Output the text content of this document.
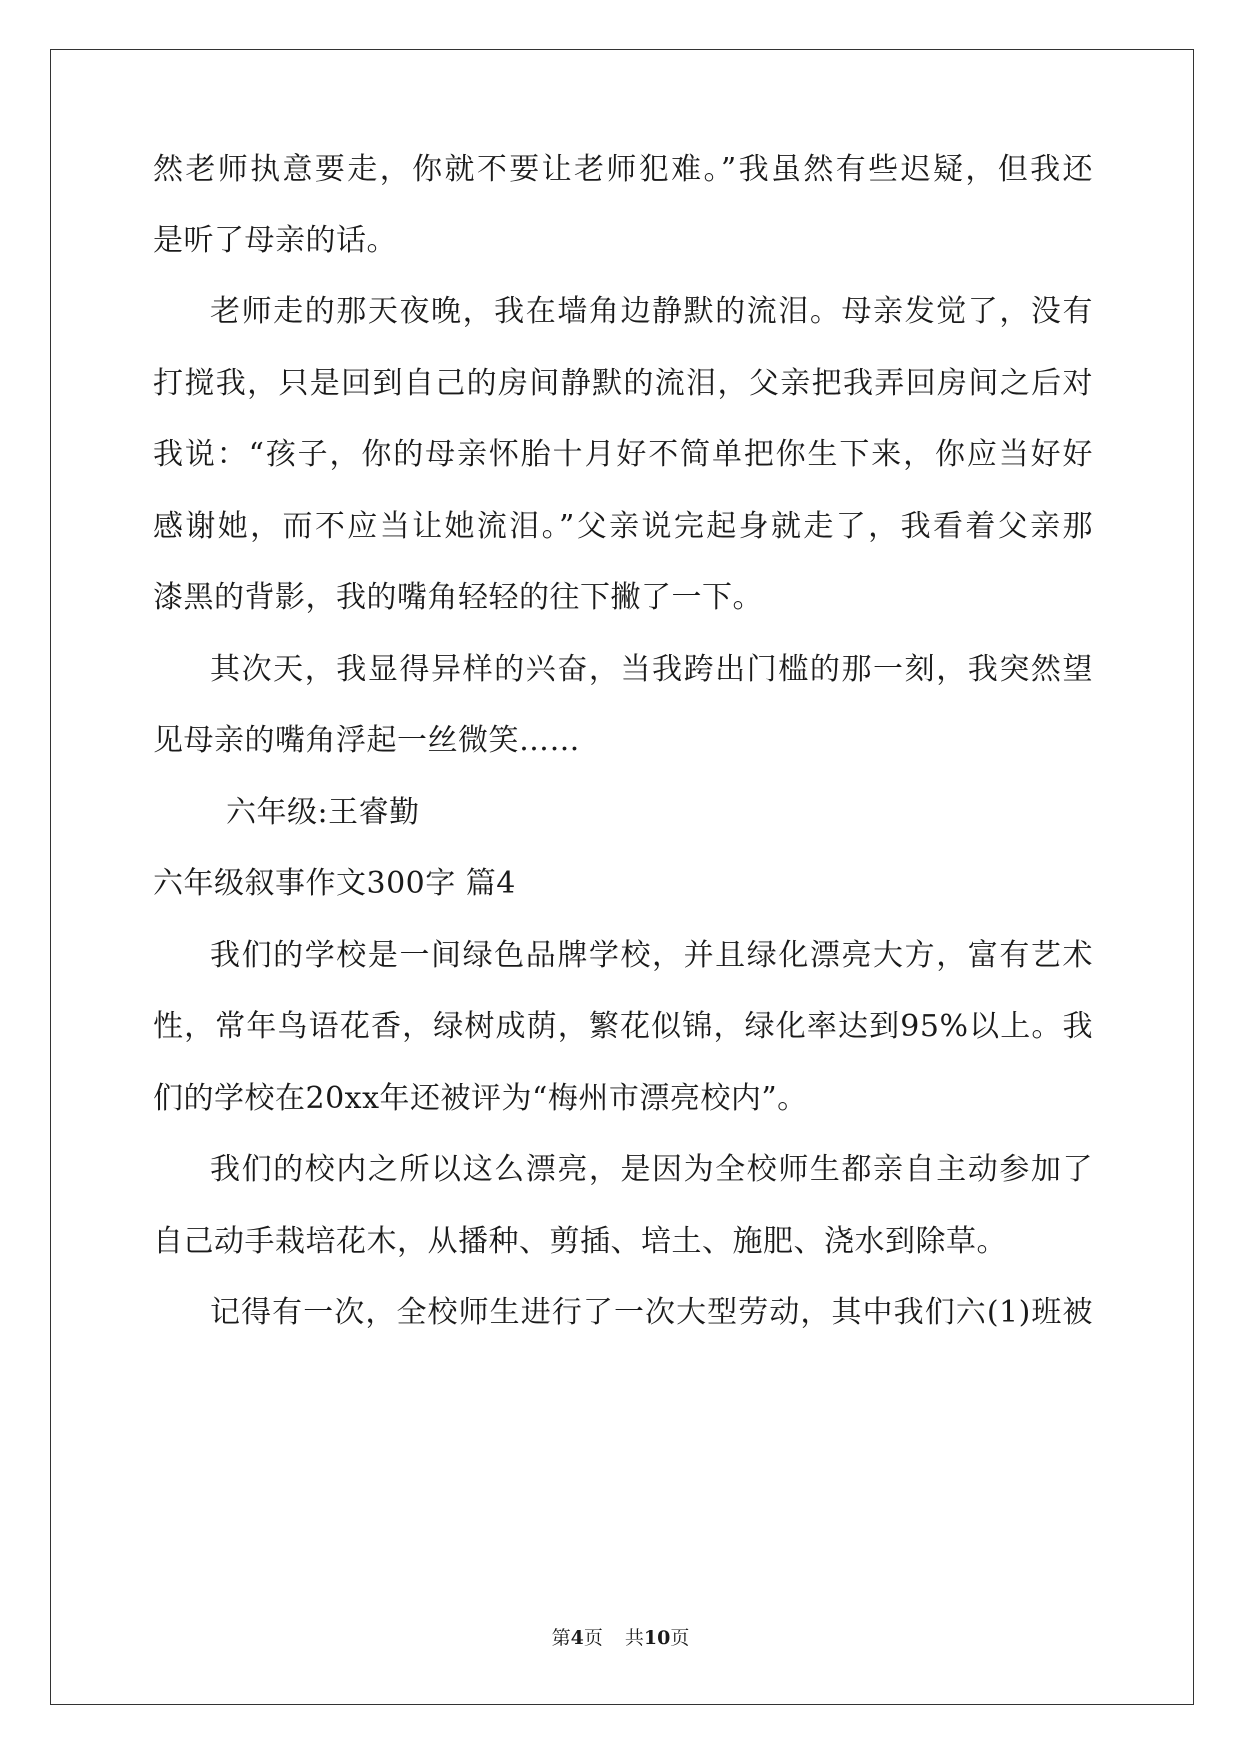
然老师执意要走，你就不要让老师犯难。”我虽然有些迟疑，但我还
是听了母亲的话。
老师走的那天夜晚，我在墙角边静默的流泪。母亲发觉了，没有
打搅我，只是回到自己的房间静默的流泪，父亲把我弄回房间之后对
我说：“孩子，你的母亲怀胎十月好不简单把你生下来，你应当好好
感谢她，而不应当让她流泪。”父亲说完起身就走了，我看着父亲那
漆黑的背影，我的嘴角轻轻的往下撇了一下。
其次天，我显得异样的兴奋，当我跨出门槛的那一刻，我突然望
见母亲的嘴角浮起一丝微笑……
六年级:王睿勤
六年级叙事作文300字 篇4
我们的学校是一间绿色品牌学校，并且绿化漂亮大方，富有艺术
性，常年鸟语花香，绿树成荫，繁花似锦，绿化率达到95%以上。我
们的学校在20xx年还被评为“梅州市漂亮校内”。
我们的校内之所以这么漂亮，是因为全校师生都亲自主动参加了
自己动手栽培花木，从播种、剪插、培土、施肥、浇水到除草。
记得有一次，全校师生进行了一次大型劳动，其中我们六(1)班被
第4页 共10页
